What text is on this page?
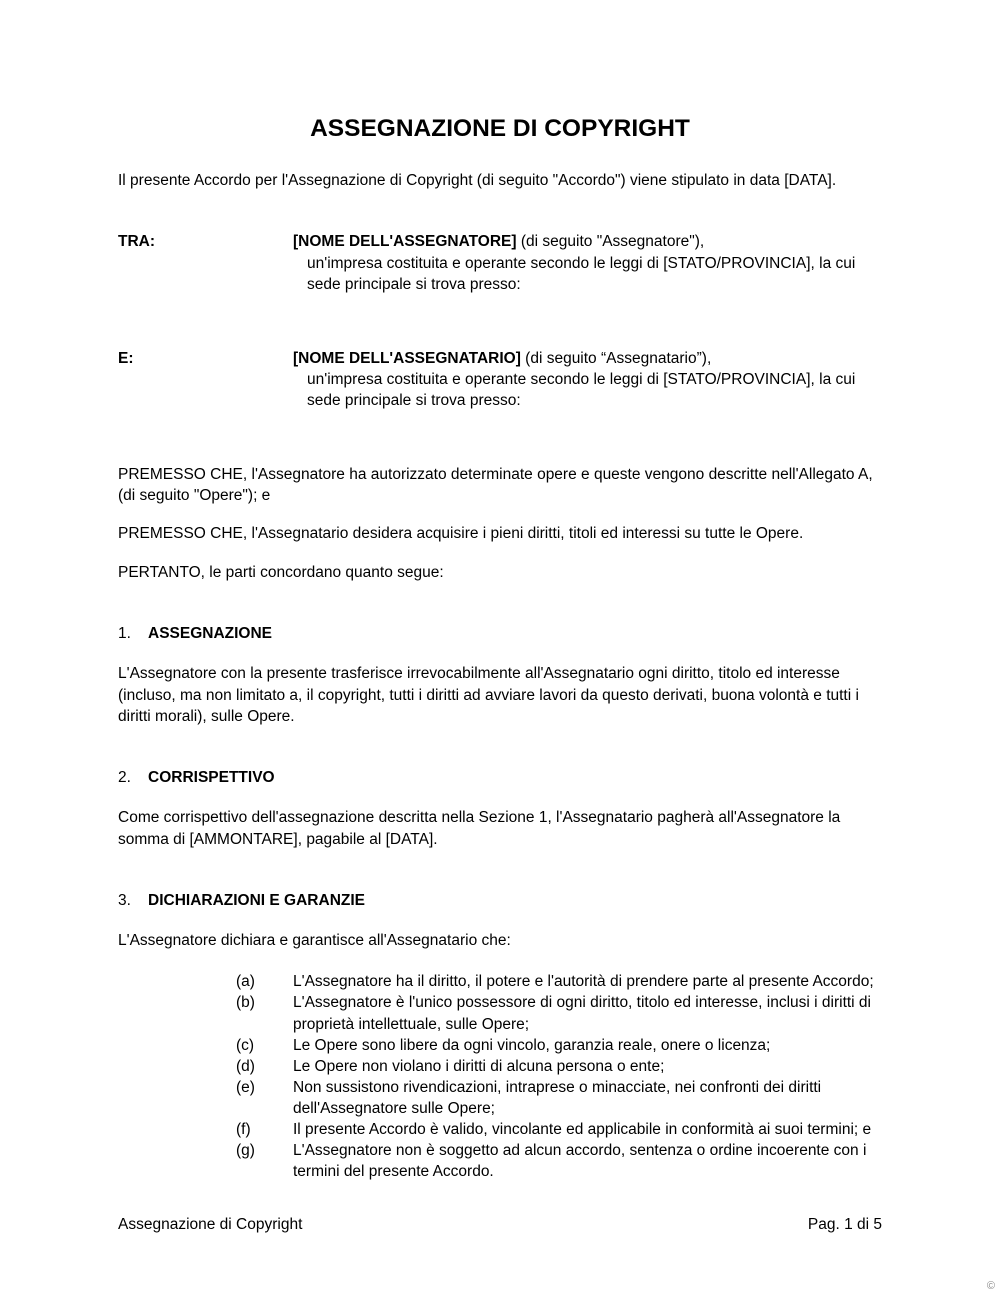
ASSEGNAZIONE DI COPYRIGHT

Il presente Accordo per l'Assegnazione di Copyright (di seguito "Accordo") viene stipulato in data [DATA].

TRA:	[NOME DELL'ASSEGNATORE] (di seguito "Assegnatore"),
un'impresa costituita e operante secondo le leggi di [STATO/PROVINCIA], la cui sede principale si trova presso:
E:	[NOME DELL'ASSEGNATARIO] (di seguito “Assegnatario”),
un'impresa costituita e operante secondo le leggi di [STATO/PROVINCIA], la cui sede principale si trova presso:

PREMESSO CHE, l'Assegnatore ha autorizzato determinate opere e queste vengono descritte nell'Allegato A, (di seguito "Opere"); e

PREMESSO CHE, l'Assegnatario desidera acquisire i pieni diritti, titoli ed interessi su tutte le Opere.

PERTANTO, le parti concordano quanto segue:

1. ASSEGNAZIONE

L'Assegnatore con la presente trasferisce irrevocabilmente all'Assegnatario ogni diritto, titolo ed interesse (incluso, ma non limitato a, il copyright, tutti i diritti ad avviare lavori da questo derivati, buona volontà e tutti i diritti morali), sulle Opere.

2. CORRISPETTIVO

Come corrispettivo dell'assegnazione descritta nella Sezione 1, l'Assegnatario pagherà all'Assegnatore la somma di [AMMONTARE], pagabile al [DATA].

3. DICHIARAZIONI E GARANZIE

L'Assegnatore dichiara e garantisce all'Assegnatario che:

(a)	L'Assegnatore ha il diritto, il potere e l'autorità di prendere parte al presente Accordo;
(b)	L'Assegnatore è l'unico possessore di ogni diritto, titolo ed interesse, inclusi i diritti di proprietà intellettuale, sulle Opere;
(c)	Le Opere sono libere da ogni vincolo, garanzia reale, onere o licenza;
(d)	Le Opere non violano i diritti di alcuna persona o ente;
(e)	Non sussistono rivendicazioni, intraprese o minacciate, nei confronti dei diritti dell'Assegnatore sulle Opere;
(f)	Il presente Accordo è valido, vincolante ed applicabile in conformità ai suoi termini; e
(g)	L'Assegnatore non è soggetto ad alcun accordo, sentenza o ordine incoerente con i termini del presente Accordo.
Assegnazione di Copyright	Pag. 1 di 5
©
